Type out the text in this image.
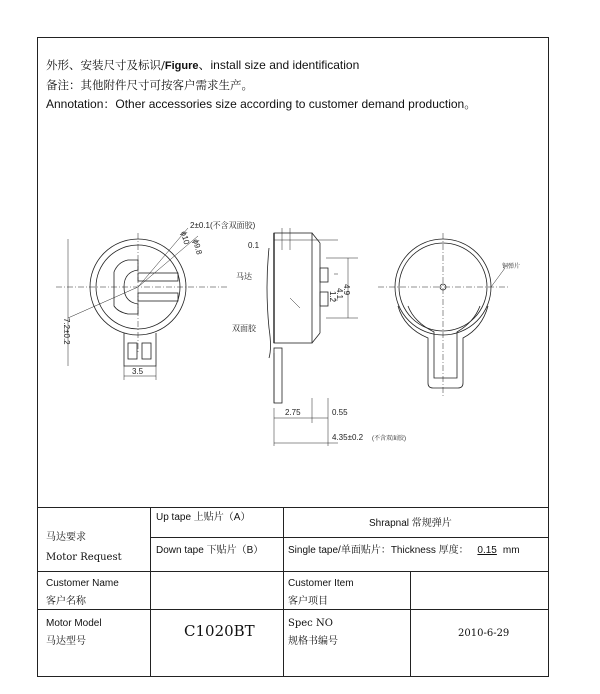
外形、安装尺寸及标识/Figure、install size and identification
备注：其他附件尺寸可按客户需求生产。
Annotation：Other accessories size according to customer demand production。
ϕ10
ϕ9.8
7.2±0.2
3.5
2±0.1(不含双面胶)
0.1
马达
双面胶
4.9
4.1
1.2
2.75	0.55
4.35±0.2 (不含双面胶)
铜弹片
马达要求
Motor Request
Up tape 上贴片（A）
Down tape 下贴片（B）
Shrapnal 常规弹片
Single tape/单面贴片：Thickness 厚度： 0.15 mm
Customer Name
客户名称
Customer Item
客户项目
Motor Model
马达型号
C1020BT	Spec NO
规格书编号
2010-6-29
